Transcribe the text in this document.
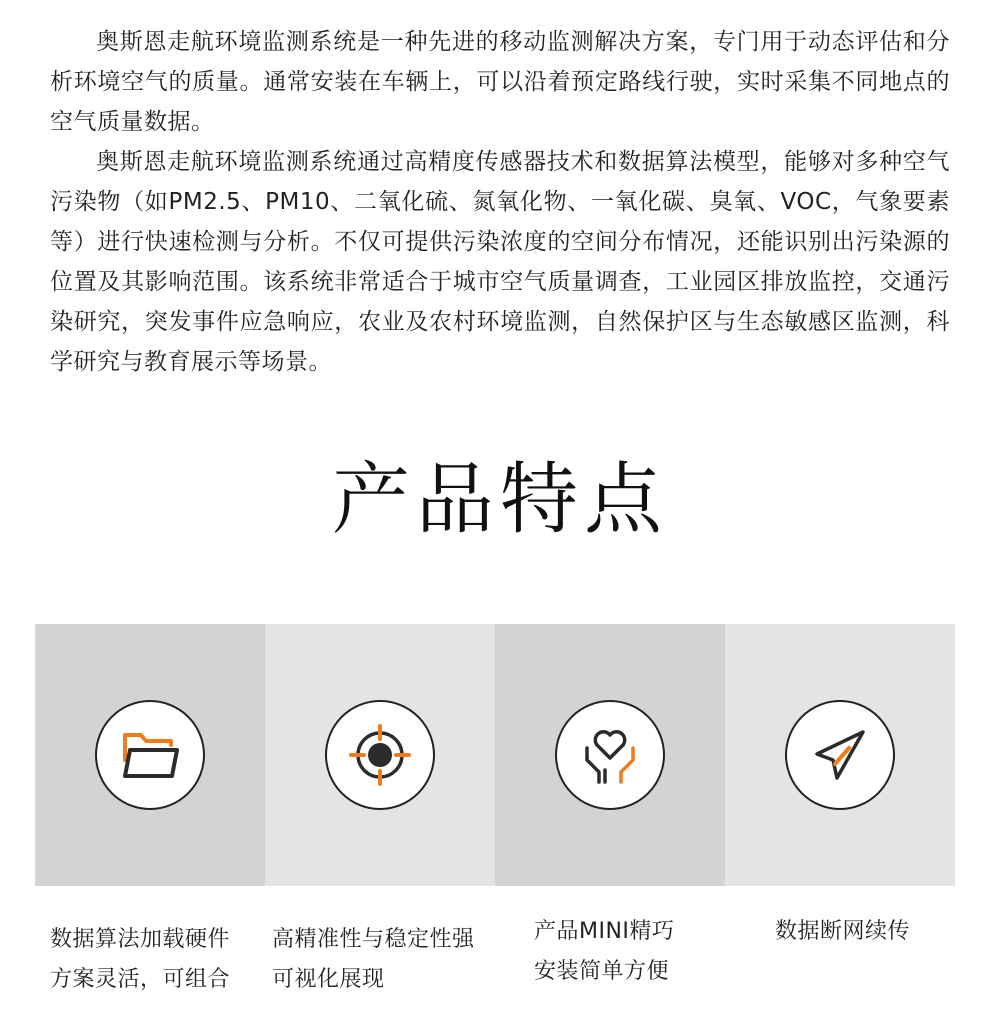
奥斯恩走航环境监测系统是一种先进的移动监测解决方案，专门用于动态评估和分析环境空气的质量。通常安装在车辆上，可以沿着预定路线行驶，实时采集不同地点的空气质量数据。

奥斯恩走航环境监测系统通过高精度传感器技术和数据算法模型，能够对多种空气污染物（如PM2.5、PM10、二氧化硫、氮氧化物、一氧化碳、臭氧、VOC，气象要素等）进行快速检测与分析。不仅可提供污染浓度的空间分布情况，还能识别出污染源的位置及其影响范围。该系统非常适合于城市空气质量调查，工业园区排放监控，交通污染研究，突发事件应急响应，农业及农村环境监测，自然保护区与生态敏感区监测，科学研究与教育展示等场景。

产品特点
数据算法加载硬件
方案灵活，可组合
高精准性与稳定性强
可视化展现
产品MINI精巧
安装简单方便
数据断网续传
